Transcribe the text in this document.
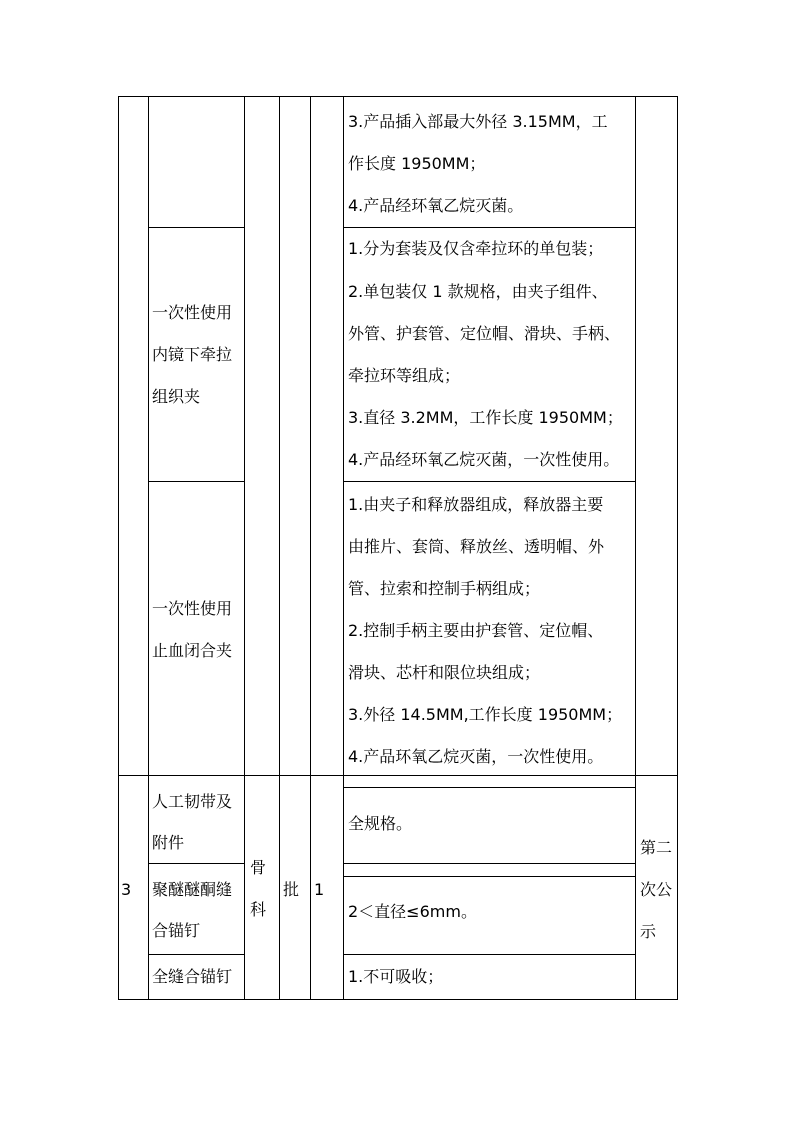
3.产品插入部最大外径 3.15MM，工
作长度 1950MM；
4.产品经环氧乙烷灭菌。
一次性使用
内镜下牵拉
组织夹
1.分为套装及仅含牵拉环的单包装；
2.单包装仅 1 款规格，由夹子组件、
外管、护套管、定位帽、滑块、手柄、
牵拉环等组成；
3.直径 3.2MM，工作长度 1950MM；
4.产品经环氧乙烷灭菌，一次性使用。
一次性使用
止血闭合夹
1.由夹子和释放器组成，释放器主要
由推片、套筒、释放丝、透明帽、外
管、拉索和控制手柄组成；
2.控制手柄主要由护套管、定位帽、
滑块、芯杆和限位块组成；
3.外径 14.5MM,工作长度 1950MM；
4.产品环氧乙烷灭菌，一次性使用。
3
骨
科
批 1
第二
次公
示
人工韧带及
附件
全规格。
聚醚醚酮缝
合锚钉
2＜直径≤6mm。
全缝合锚钉	1.不可吸收；
